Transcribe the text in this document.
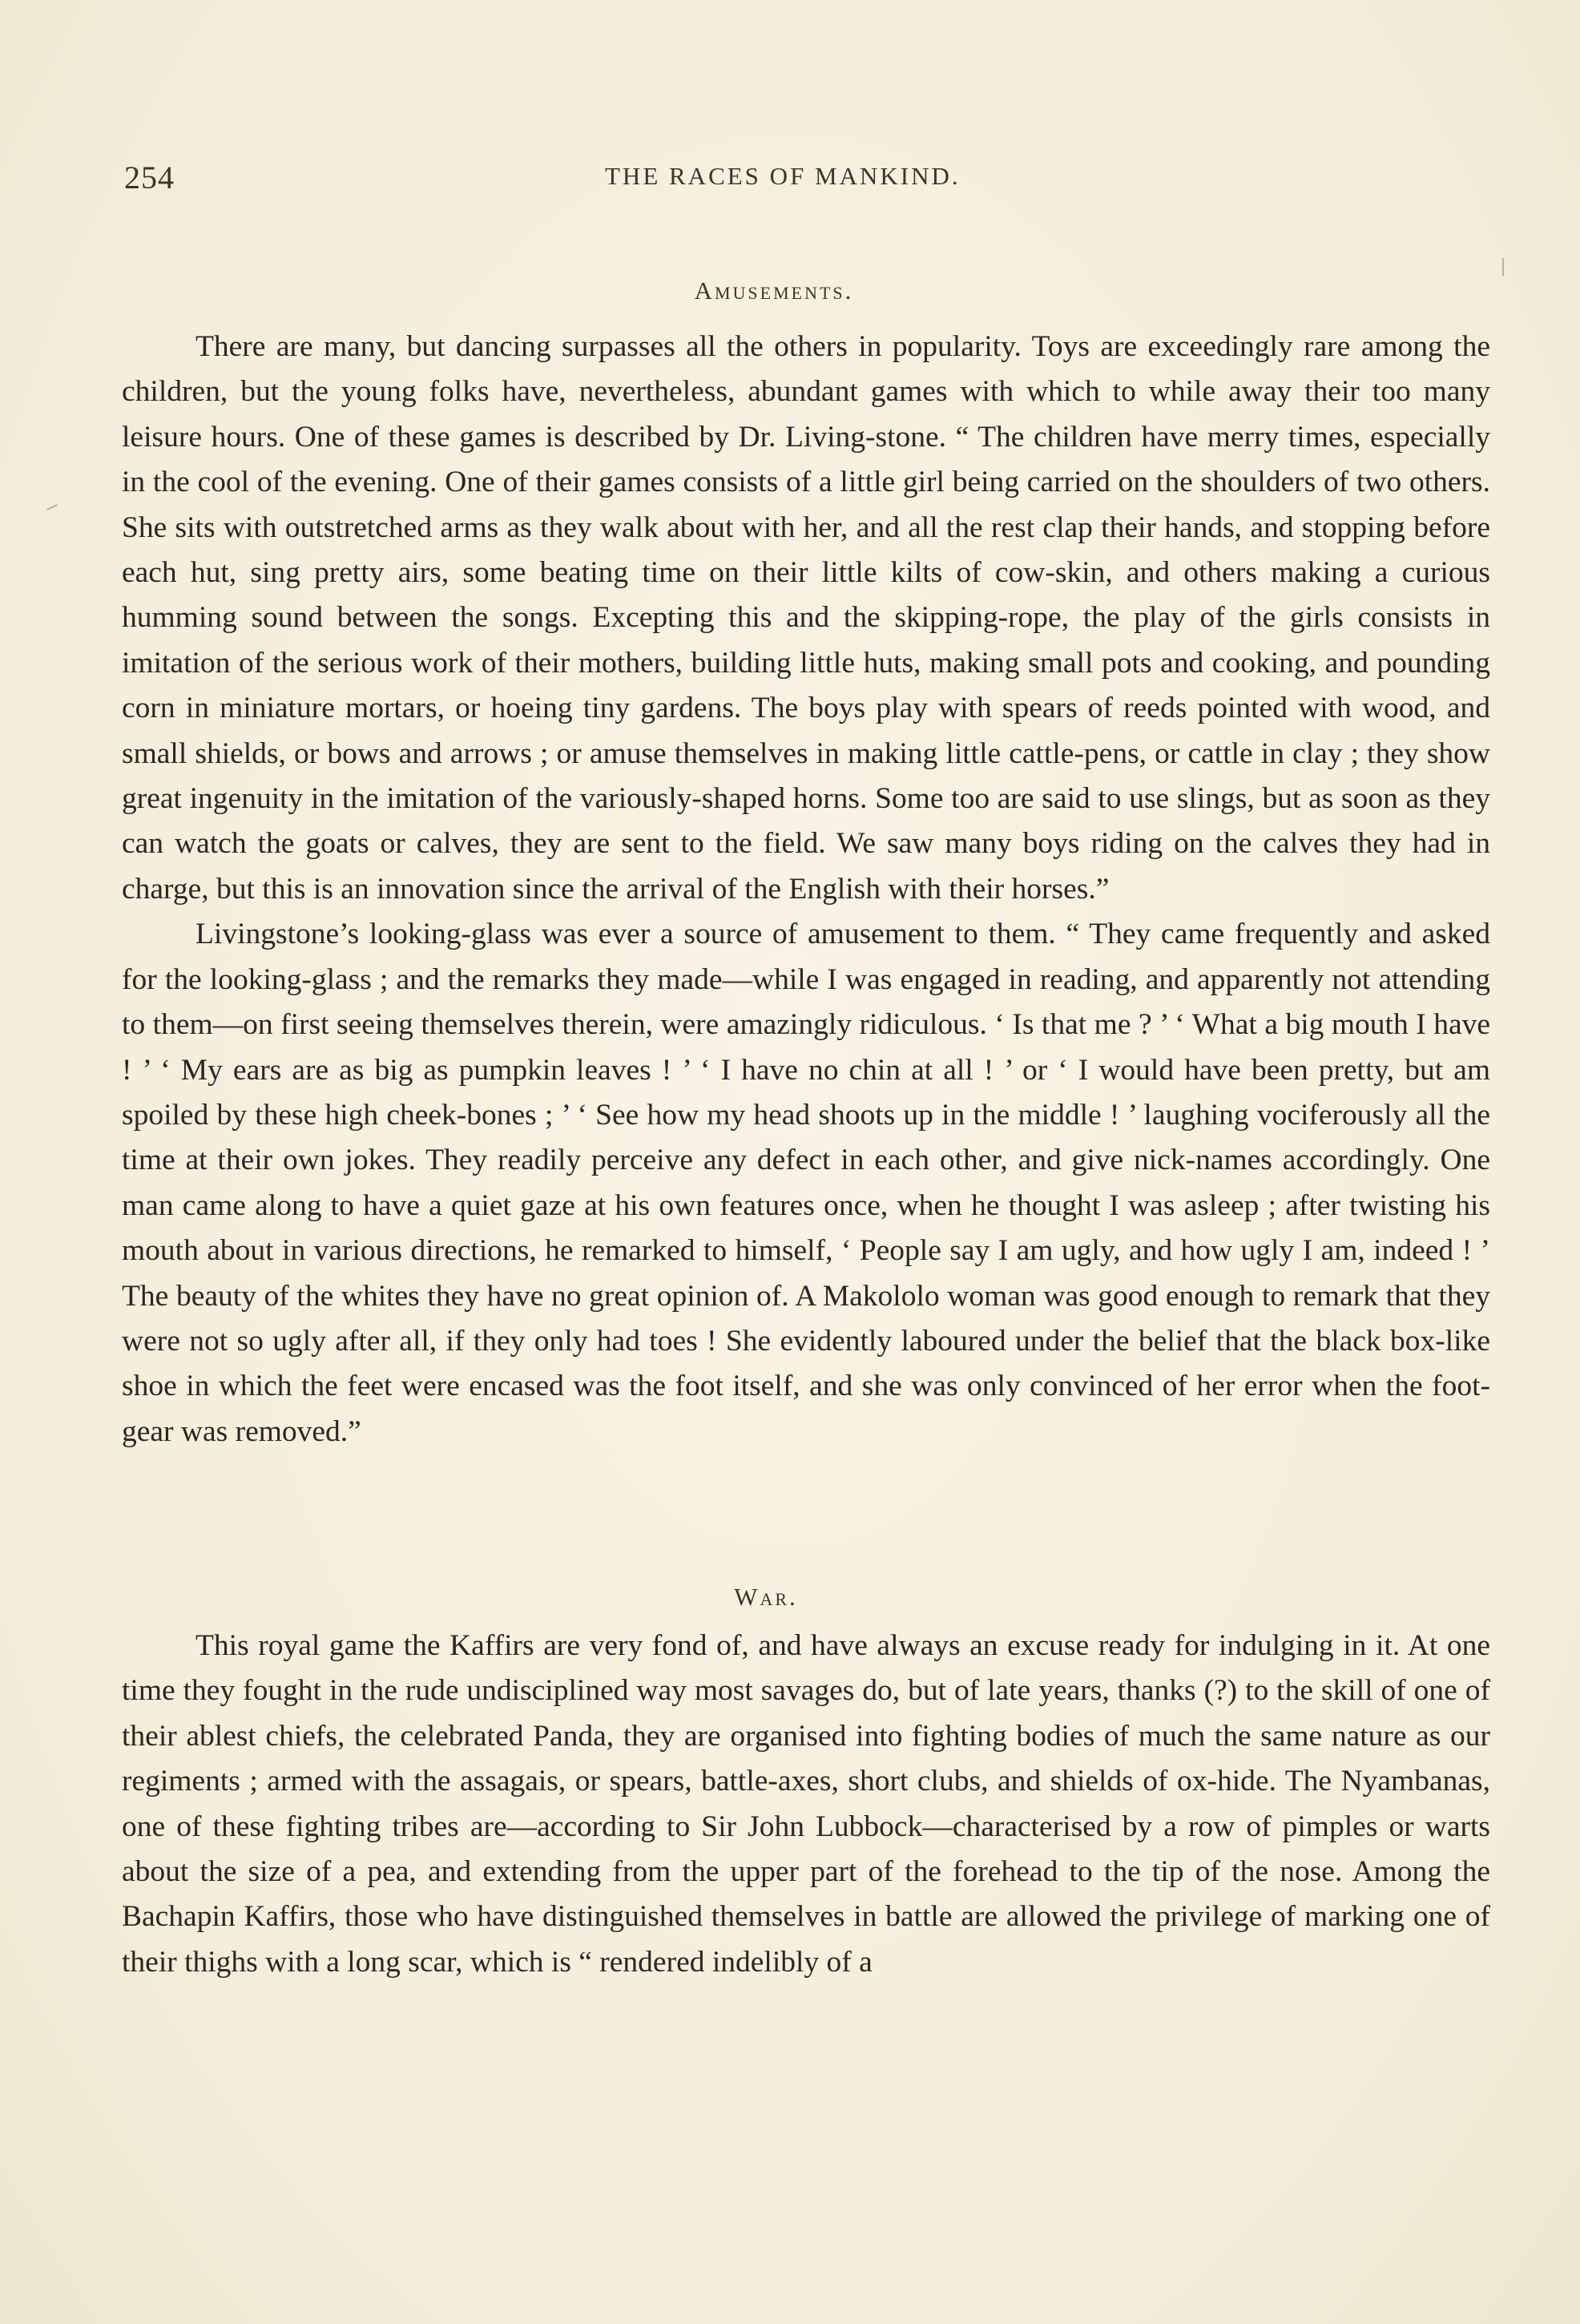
254	THE RACES OF MANKIND.
Amusements.

There are many, but dancing surpasses all the others in popularity. Toys are exceedingly rare among the children, but the young folks have, nevertheless, abundant games with which to while away their too many leisure hours. One of these games is described by Dr. Living-stone. “ The children have merry times, especially in the cool of the evening. One of their games consists of a little girl being carried on the shoulders of two others. She sits with outstretched arms as they walk about with her, and all the rest clap their hands, and stopping before each hut, sing pretty airs, some beating time on their little kilts of cow-skin, and others making a curious humming sound between the songs. Excepting this and the skipping-rope, the play of the girls consists in imitation of the serious work of their mothers, building little huts, making small pots and cooking, and pounding corn in miniature mortars, or hoeing tiny gardens. The boys play with spears of reeds pointed with wood, and small shields, or bows and arrows ; or amuse themselves in making little cattle-pens, or cattle in clay ; they show great ingenuity in the imitation of the variously-shaped horns. Some too are said to use slings, but as soon as they can watch the goats or calves, they are sent to the field. We saw many boys riding on the calves they had in charge, but this is an innovation since the arrival of the English with their horses.”

Livingstone’s looking-glass was ever a source of amusement to them. “ They came frequently and asked for the looking-glass ; and the remarks they made—while I was engaged in reading, and apparently not attending to them—on first seeing themselves therein, were amazingly ridiculous. ‘ Is that me ? ’ ‘ What a big mouth I have ! ’ ‘ My ears are as big as pumpkin leaves ! ’ ‘ I have no chin at all ! ’ or ‘ I would have been pretty, but am spoiled by these high cheek-bones ; ’ ‘ See how my head shoots up in the middle ! ’ laughing vociferously all the time at their own jokes. They readily perceive any defect in each other, and give nick-names accordingly. One man came along to have a quiet gaze at his own features once, when he thought I was asleep ; after twisting his mouth about in various directions, he remarked to himself, ‘ People say I am ugly, and how ugly I am, indeed ! ’ The beauty of the whites they have no great opinion of. A Makololo woman was good enough to remark that they were not so ugly after all, if they only had toes ! She evidently laboured under the belief that the black box-like shoe in which the feet were encased was the foot itself, and she was only convinced of her error when the foot-gear was removed.”

War.

This royal game the Kaffirs are very fond of, and have always an excuse ready for indulging in it. At one time they fought in the rude undisciplined way most savages do, but of late years, thanks (?) to the skill of one of their ablest chiefs, the celebrated Panda, they are organised into fighting bodies of much the same nature as our regiments ; armed with the assagais, or spears, battle-axes, short clubs, and shields of ox-hide. The Nyambanas, one of these fighting tribes are—according to Sir John Lubbock—characterised by a row of pimples or warts about the size of a pea, and extending from the upper part of the forehead to the tip of the nose. Among the Bachapin Kaffirs, those who have distinguished themselves in battle are allowed the privilege of marking one of their thighs with a long scar, which is “ rendered indelibly of a
